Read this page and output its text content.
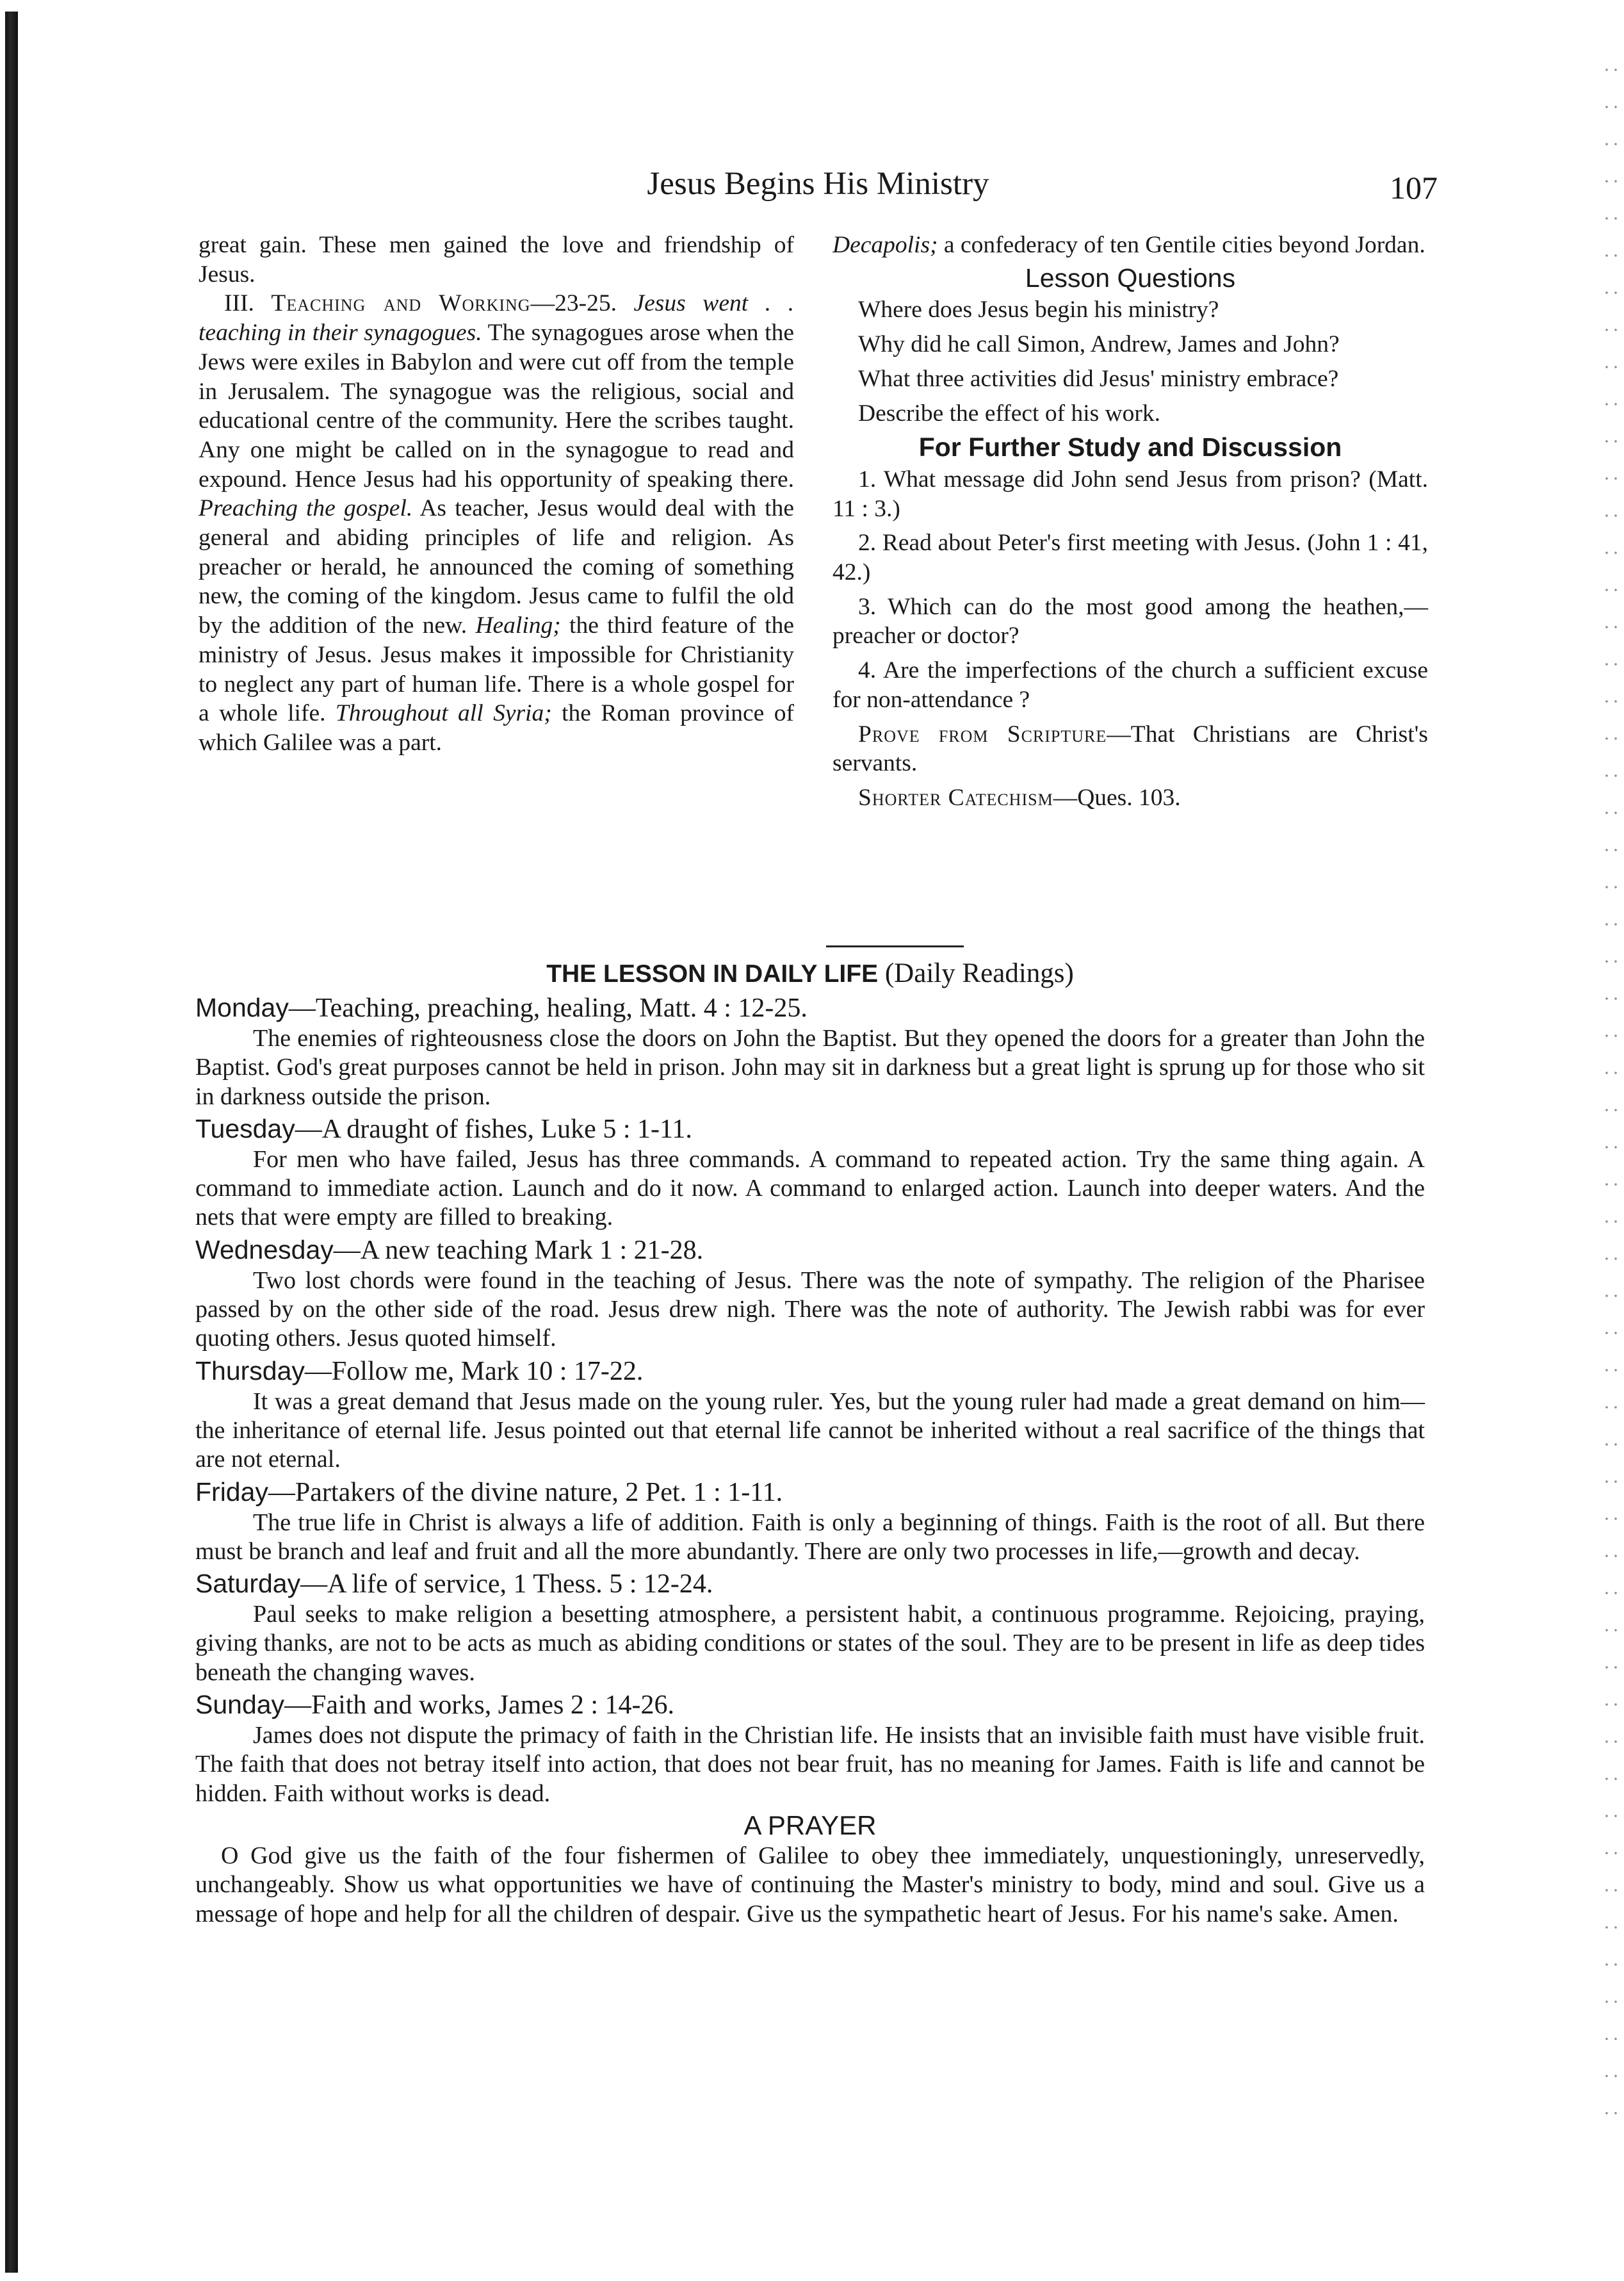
Jesus Begins His Ministry	107

great gain. These men gained the love and friendship of Jesus.

III. Teaching and Working—23-25. Jesus went . . teaching in their synagogues. The synagogues arose when the Jews were exiles in Babylon and were cut off from the temple in Jerusalem. The synagogue was the religious, social and educational centre of the community. Here the scribes taught. Any one might be called on in the synagogue to read and expound. Hence Jesus had his opportunity of speaking there. Preaching the gospel. As teacher, Jesus would deal with the general and abiding principles of life and religion. As preacher or herald, he announced the coming of something new, the coming of the kingdom. Jesus came to fulfil the old by the addition of the new. Healing; the third feature of the ministry of Jesus. Jesus makes it impossible for Christianity to neglect any part of human life. There is a whole gospel for a whole life. Throughout all Syria; the Roman province of which Galilee was a part.

Decapolis; a confederacy of ten Gentile cities beyond Jordan.

Lesson Questions

Where does Jesus begin his ministry?

Why did he call Simon, Andrew, James and John?

What three activities did Jesus' ministry embrace?

Describe the effect of his work.

For Further Study and Discussion

1. What message did John send Jesus from prison? (Matt. 11 : 3.)

2. Read about Peter's first meeting with Jesus. (John 1 : 41, 42.)

3. Which can do the most good among the heathen,—preacher or doctor?

4. Are the imperfections of the church a sufficient excuse for non-attendance ?

Prove from Scripture—That Christians are Christ's servants.

Shorter Catechism—Ques. 103.

THE LESSON IN DAILY LIFE (Daily Readings)
Monday—Teaching, preaching, healing, Matt. 4 : 12-25.

The enemies of righteousness close the doors on John the Baptist. But they opened the doors for a greater than John the Baptist. God's great purposes cannot be held in prison. John may sit in darkness but a great light is sprung up for those who sit in darkness outside the prison.

Tuesday—A draught of fishes, Luke 5 : 1-11.

For men who have failed, Jesus has three commands. A command to repeated action. Try the same thing again. A command to immediate action. Launch and do it now. A command to enlarged action. Launch into deeper waters. And the nets that were empty are filled to breaking.

Wednesday—A new teaching Mark 1 : 21-28.

Two lost chords were found in the teaching of Jesus. There was the note of sympathy. The religion of the Pharisee passed by on the other side of the road. Jesus drew nigh. There was the note of authority. The Jewish rabbi was for ever quoting others. Jesus quoted himself.

Thursday—Follow me, Mark 10 : 17-22.

It was a great demand that Jesus made on the young ruler. Yes, but the young ruler had made a great demand on him—the inheritance of eternal life. Jesus pointed out that eternal life cannot be inherited without a real sacrifice of the things that are not eternal.

Friday—Partakers of the divine nature, 2 Pet. 1 : 1-11.

The true life in Christ is always a life of addition. Faith is only a beginning of things. Faith is the root of all. But there must be branch and leaf and fruit and all the more abundantly. There are only two processes in life,—growth and decay.

Saturday—A life of service, 1 Thess. 5 : 12-24.

Paul seeks to make religion a besetting atmosphere, a persistent habit, a continuous programme. Rejoicing, praying, giving thanks, are not to be acts as much as abiding conditions or states of the soul. They are to be present in life as deep tides beneath the changing waves.

Sunday—Faith and works, James 2 : 14-26.

James does not dispute the primacy of faith in the Christian life. He insists that an invisible faith must have visible fruit. The faith that does not betray itself into action, that does not bear fruit, has no meaning for James. Faith is life and cannot be hidden. Faith without works is dead.

A PRAYER

O God give us the faith of the four fishermen of Galilee to obey thee immediately, unquestioningly, unreservedly, unchangeably. Show us what opportunities we have of continuing the Master's ministry to body, mind and soul. Give us a message of hope and help for all the children of despair. Give us the sympathetic heart of Jesus. For his name's sake. Amen.
